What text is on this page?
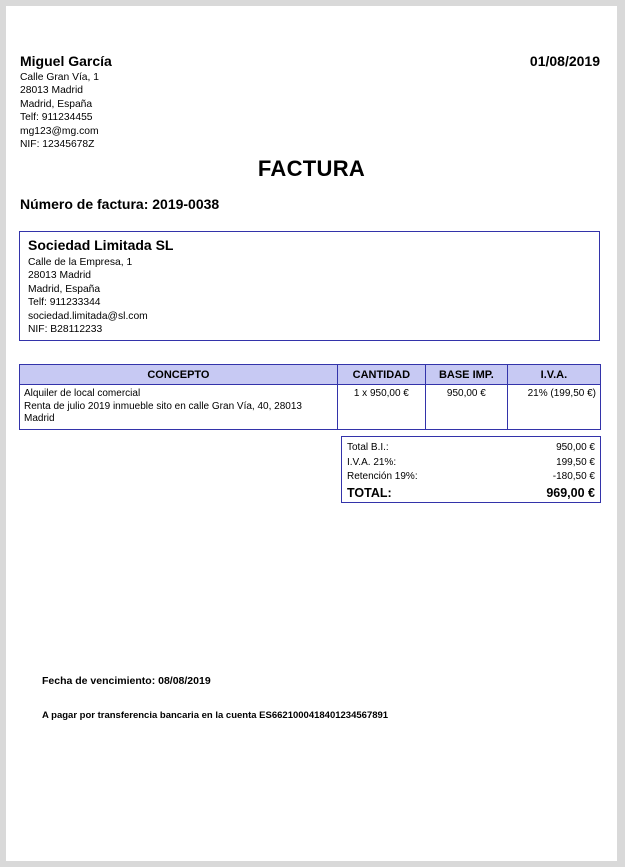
Miguel García
Calle Gran Vía, 1
28013 Madrid
Madrid, España
Telf: 911234455
mg123@mg.com
NIF: 12345678Z
01/08/2019
FACTURA
Número de factura: 2019-0038
Sociedad Limitada SL
Calle de la Empresa, 1
28013 Madrid
Madrid, España
Telf: 911233344
sociedad.limitada@sl.com
NIF: B28112233
CONCEPTO	CANTIDAD	BASE IMP.	I.V.A.

Alquiler de local comercial
Renta de julio 2019 inmueble sito en calle Gran Vía, 40, 28013 Madrid	1 x 950,00 €	950,00 €	21% (199,50 €)
Total B.I.:	950,00 €
I.V.A. 21%:	199,50 €
Retención 19%:	-180,50 €
TOTAL:	969,00 €
Fecha de vencimiento: 08/08/2019
A pagar por transferencia bancaria en la cuenta ES6621000418401234567891
